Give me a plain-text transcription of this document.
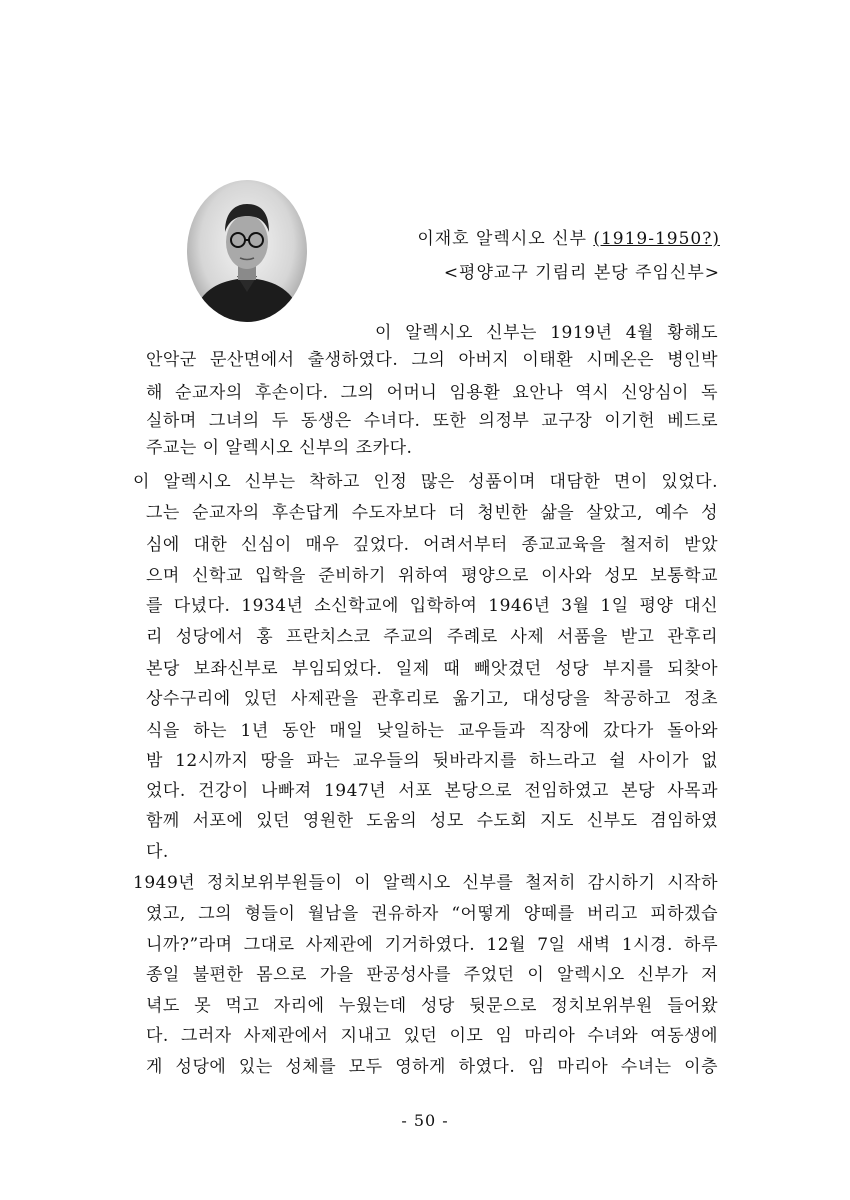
이재호 알렉시오 신부 (1919-1950?)
<평양교구 기림리 본당 주임신부>
이 알렉시오 신부는 1919년 4월 황해도
안악군 문산면에서 출생하였다. 그의 아버지 이태환 시메온은 병인박
해 순교자의 후손이다. 그의 어머니 임용환 요안나 역시 신앙심이 독
실하며 그녀의 두 동생은 수녀다. 또한 의정부 교구장 이기헌 베드로
주교는 이 알렉시오 신부의 조카다.
이 알렉시오 신부는 착하고 인정 많은 성품이며 대담한 면이 있었다.
그는 순교자의 후손답게 수도자보다 더 청빈한 삶을 살았고, 예수 성
심에 대한 신심이 매우 깊었다. 어려서부터 종교교육을 철저히 받았
으며 신학교 입학을 준비하기 위하여 평양으로 이사와 성모 보통학교
를 다녔다. 1934년 소신학교에 입학하여 1946년 3월 1일 평양 대신
리 성당에서 홍 프란치스코 주교의 주례로 사제 서품을 받고 관후리
본당 보좌신부로 부임되었다. 일제 때 빼앗겼던 성당 부지를 되찾아
상수구리에 있던 사제관을 관후리로 옮기고, 대성당을 착공하고 정초
식을 하는 1년 동안 매일 낮일하는 교우들과 직장에 갔다가 돌아와
밤 12시까지 땅을 파는 교우들의 뒷바라지를 하느라고 쉴 사이가 없
었다. 건강이 나빠져 1947년 서포 본당으로 전임하였고 본당 사목과
함께 서포에 있던 영원한 도움의 성모 수도회 지도 신부도 겸임하였
다.
1949년 정치보위부원들이 이 알렉시오 신부를 철저히 감시하기 시작하
였고, 그의 형들이 월남을 권유하자 “어떻게 양떼를 버리고 피하겠습
니까?”라며 그대로 사제관에 기거하였다. 12월 7일 새벽 1시경. 하루
종일 불편한 몸으로 가을 판공성사를 주었던 이 알렉시오 신부가 저
녁도 못 먹고 자리에 누웠는데 성당 뒷문으로 정치보위부원 들어왔
다. 그러자 사제관에서 지내고 있던 이모 임 마리아 수녀와 여동생에
게 성당에 있는 성체를 모두 영하게 하였다. 임 마리아 수녀는 이층
- 50 -
